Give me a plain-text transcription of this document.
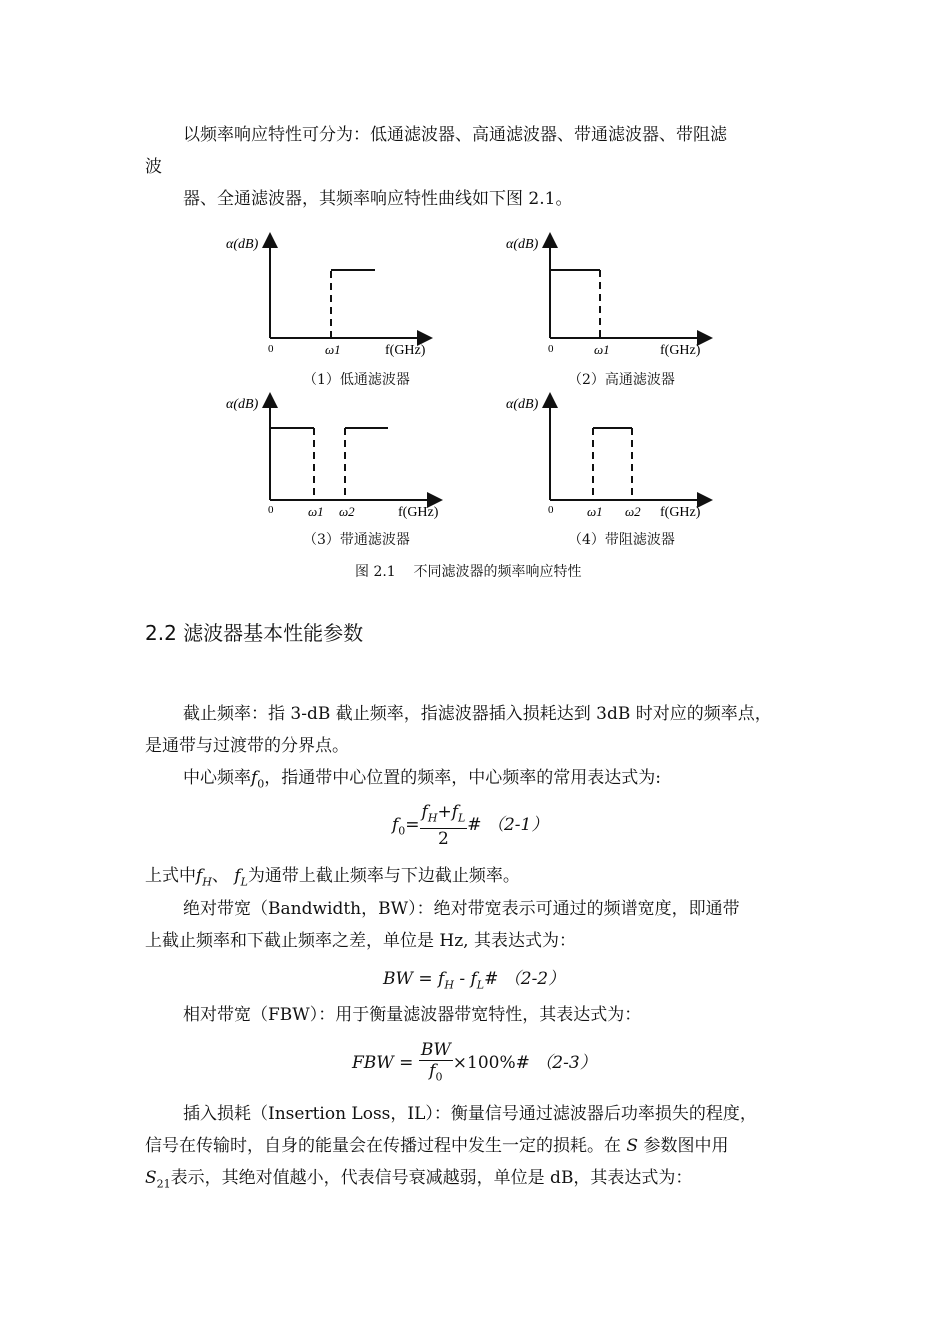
以频率响应特性可分为：低通滤波器、高通滤波器、带通滤波器、带阻滤
波
器、全通滤波器，其频率响应特性曲线如下图 2.1。
α(dB)
0	ω1	f(GHz)
α(dB)
0	ω1	f(GHz)
α(dB)
0	ω1 ω2	f(GHz)
α(dB)
0	ω1 ω2 f(GHz)
（1）低通滤波器	（2）高通滤波器
（3）带通滤波器	（4）带阻滤波器
图 2.1    不同滤波器的频率响应特性
2.2 滤波器基本性能参数
截止频率：指 3-dB 截止频率，指滤波器插入损耗达到 3dB 时对应的频率点，
是通带与过渡带的分界点。
中心频率$f_0$，指通带中心位置的频率，中心频率的常用表达式为:
$f_0= \frac{f_H+f_L}{2}$ # （2-1）
上式中$f_H$、 $f_L$为通带上截止频率与下边截止频率。
绝对带宽（Bandwidth，BW）：绝对带宽表示可通过的频谱宽度，即通带
上截止频率和下截止频率之差，单位是 Hz, 其表达式为：
BW = $f_H$ - $f_L\#$ （2-2）
相对带宽（FBW）：用于衡量滤波器带宽特性，其表达式为：
FBW = $\frac{BW}{f_0}$ ×100%# （2-3）
插入损耗（Insertion Loss，IL）：衡量信号通过滤波器后功率损失的程度，
信号在传输时，自身的能量会在传播过程中发生一定的损耗。在 S 参数图中用
$S_{21}$表示，其绝对值越小，代表信号衰减越弱，单位是 dB，其表达式为：
